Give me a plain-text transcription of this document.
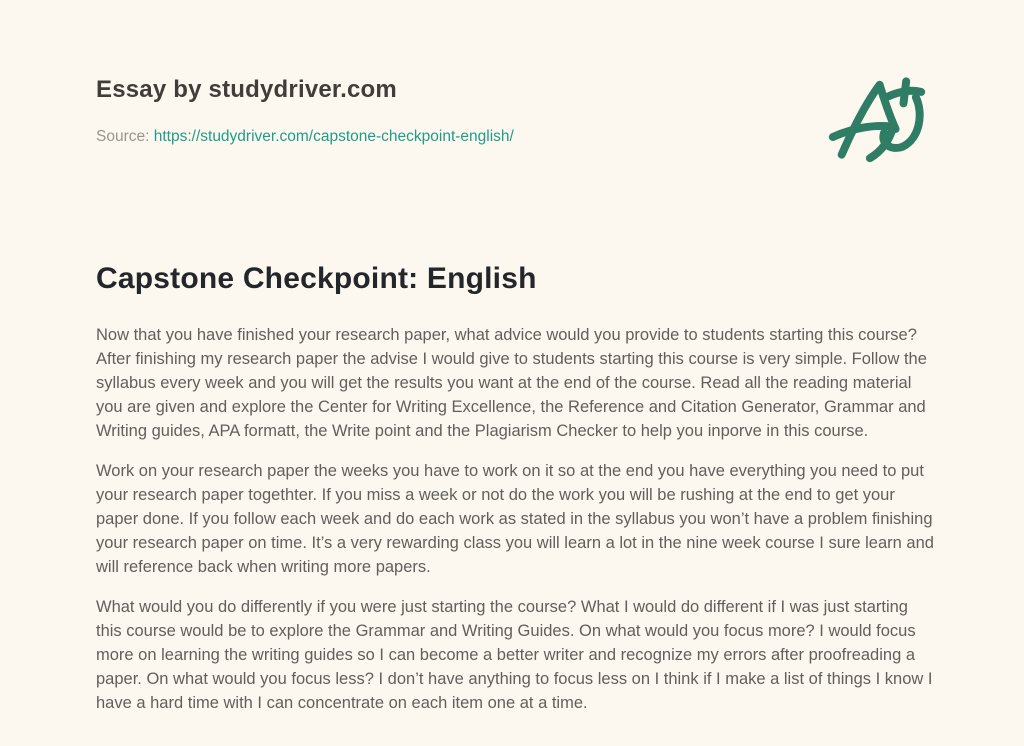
Essay by studydriver.com

Source: https://studydriver.com/capstone-checkpoint-english/

Capstone Checkpoint: English

Now that you have finished your research paper, what advice would you provide to students starting this course? After finishing my research paper the advise I would give to students starting this course is very simple. Follow the syllabus every week and you will get the results you want at the end of the course. Read all the reading material you are given and explore the Center for Writing Excellence, the Reference and Citation Generator, Grammar and Writing guides, APA formatt, the Write point and the Plagiarism Checker to help you inporve in this course.

Work on your research paper the weeks you have to work on it so at the end you have everything you need to put your research paper togethter. If you miss a week or not do the work you will be rushing at the end to get your paper done. If you follow each week and do each work as stated in the syllabus you won’t have a problem finishing your research paper on time. It’s a very rewarding class you will learn a lot in the nine week course I sure learn and will reference back when writing more papers.

What would you do differently if you were just starting the course? What I would do different if I was just starting this course would be to explore the Grammar and Writing Guides. On what would you focus more? I would focus more on learning the writing guides so I can become a better writer and recognize my errors after proofreading a paper. On what would you focus less? I don’t have anything to focus less on I think if I make a list of things I know I have a hard time with I can concentrate on each item one at a time.
